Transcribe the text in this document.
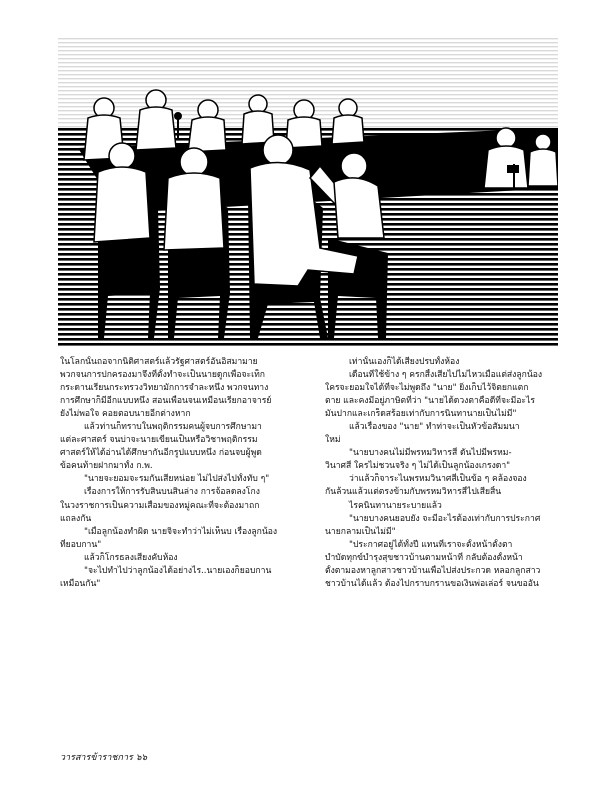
ในโลกนั้นถอจากนิติศาสตร์แล้วรัฐศาสตร์อันอิสมามาย
พวกจนการปกครองมาจึงที่ตั้งทำจะเป็นนายดูกเพื่อจะเท็ก
กระดานเรียนกระทรวงวิทยามักการจำละหนึ่ง พวกจนทาง
การศึกษาก็มีอีกแบบหนึ่ง สอนเพื่อนจนเหมือนเรียกอาจารย์
ยังไม่พอใจ คอยตอบนายอีกต่างหาก
แล้วท่านก็ทราบในพฤติกรรมคนผู้จบการศึกษามา
แต่ละศาสตร์ จนบ่าจะนายเขียนเป็นหรือวิชาพฤติกรรม
ศาสตร์ให้ได้อ่านได้ศึกษากันอีกรูปแบบหนึ่ง ก่อนจบผู้พูด
ข้อคนท้ายฝากมาทั้ง ก.พ.
"นายจะยอมจะรมกันเสียหน่อย ไม่ไปส่งไปทั้งทับ ๆ"
เรื่องการให้การรับสินบนสินล่าง การจ้อลดลงโกง
ในวงราชการเป็นความเสื่อมของหมู่คณะที่จะต้องมาถก
แถลงกัน
"เมื่อลูกน้องทำผิด นายจิจะทำว่าไม่เห็นบ เรื่องลูกน้อง
ที่ยอบกาน"
แล้วก็โกรธลงเสียงคับห้อง
"จะไปทำไปว่าลูกน้องได้อย่างไร..นายเองก็ยอบกาน
เหมือนกัน"
เท่านั้นเองก็ได้เสียงปรบทั้งห้อง
เดือนที่ใช้ข้าง ๆ ครกสี้งเสียไปไม่ไหวเมื่อแต่ส่งลูกน้อง
ใครจะยอมใจได้ที่จะไม่พูดถึง "นาย" ยิ่งเก็บไว้จิตยกแตก
ตาย และคงมีอยู่ภาษิตที่ว่า "นายได้ดวงตาคือดีที่จะมีอะไร
มันปากและเกร็ดสร้อยเท่ากับการนินทานายเป็นไม่มี"
แล้วเรื่องของ "นาย" ทำท่าจะเป็นหัวข้อสัมมนา
ใหม่
"นายบางคนไม่มีพรหมวิหารสี่ ดันไปมีพรหม-
วินาศสี่ ใครไม่ชวนจริง ๆ ไม่ได้เป็นลูกน้องเกรงดา"
ว่าแล้วก็จาระไนพรหมวินาศสี่เป็นข้อ ๆ คล้องจอง
กันล้วนแล้วแต่ตรงข้ามกับพรหมวิหารสี่ไปเสียสิ้น
ไรคนินทานายระบายแล้ว
"นายบางคนยอบยัง จะมีอะไรต้องเท่ากับการประกาศ
นายกลามเป็นไม่มี"
"ประกาศอยู่ได้ทั้งปี แทนที่เราจะตั้งหน้าตั้งตา
บำบัดทุกข์บำรุงสุขชาวบ้านตามหน้าที่ กลับต้องตั้งหน้า
ตั้งตามองหาลูกสาวชาวบ้านเพื่อไปส่งประกวด หลอกลูกสาว
ชาวบ้านได้แล้ว ต้องไปกราบกรานขอเงินพ่อเล่อร์ จนขออัน
วารสารข้าราชการ ๖๖
